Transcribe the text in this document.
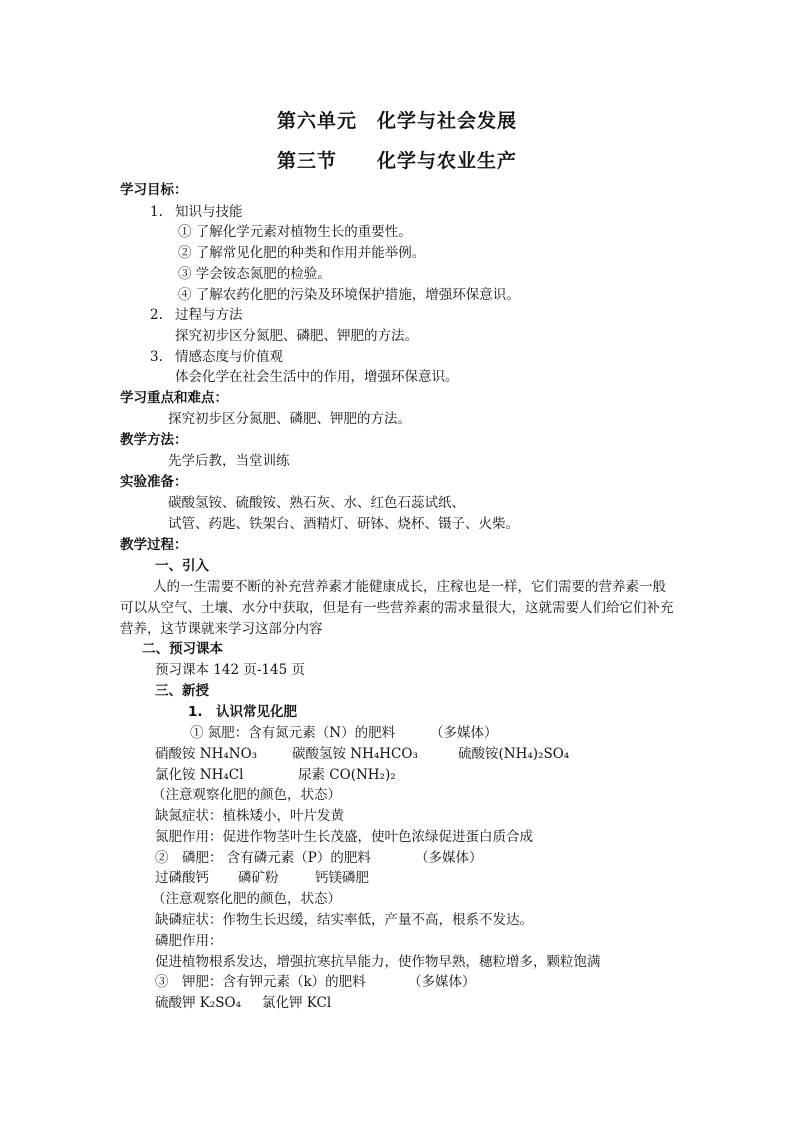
第六单元　化学与社会发展
第三节　　化学与农业生产
学习目标：
1. 知识与技能
① 了解化学元素对植物生长的重要性。
② 了解常见化肥的种类和作用并能举例。
③ 学会铵态氮肥的检验。
④ 了解农药化肥的污染及环境保护措施，增强环保意识。
2. 过程与方法
探究初步区分氮肥、磷肥、钾肥的方法。
3. 情感态度与价值观
体会化学在社会生活中的作用，增强环保意识。
学习重点和难点：
探究初步区分氮肥、磷肥、钾肥的方法。
教学方法：
先学后教，当堂训练
实验准备：
碳酸氢铵、硫酸铵、熟石灰、水、红色石蕊试纸、
试管、药匙、铁架台、酒精灯、研钵、烧杯、镊子、火柴。
教学过程：
一、引入
人的一生需要不断的补充营养素才能健康成长，庄稼也是一样，它们需要的营养素一般可以从空气、土壤、水分中获取，但是有一些营养素的需求量很大，这就需要人们给它们补充营养，这节课就来学习这部分内容
二、预习课本
预习课本 142 页-145 页
三、新授
1.　认识常见化肥
① 氮肥：含有氮元素（N）的肥料	（多媒体）
硝酸铵 NH₄NO₃	碳酸氢铵 NH₄HCO₃	硫酸铵(NH₄)₂SO₄
氯化铵 NH₄Cl	尿素 CO(NH₂)₂
（注意观察化肥的颜色，状态）
缺氮症状：植株矮小，叶片发黄
氮肥作用：促进作物茎叶生长茂盛，使叶色浓绿促进蛋白质合成
②　磷肥： 含有磷元素（P）的肥料	（多媒体）
过磷酸钙 磷矿粉	钙镁磷肥
（注意观察化肥的颜色，状态）
缺磷症状：作物生长迟缓，结实率低，产量不高，根系不发达。
磷肥作用：
促进植物根系发达，增强抗寒抗旱能力，使作物早熟，穗粒增多，颗粒饱满
③　钾肥：含有钾元素（k）的肥料	（多媒体）
硫酸钾 K₂SO₄ 氯化钾 KCl
